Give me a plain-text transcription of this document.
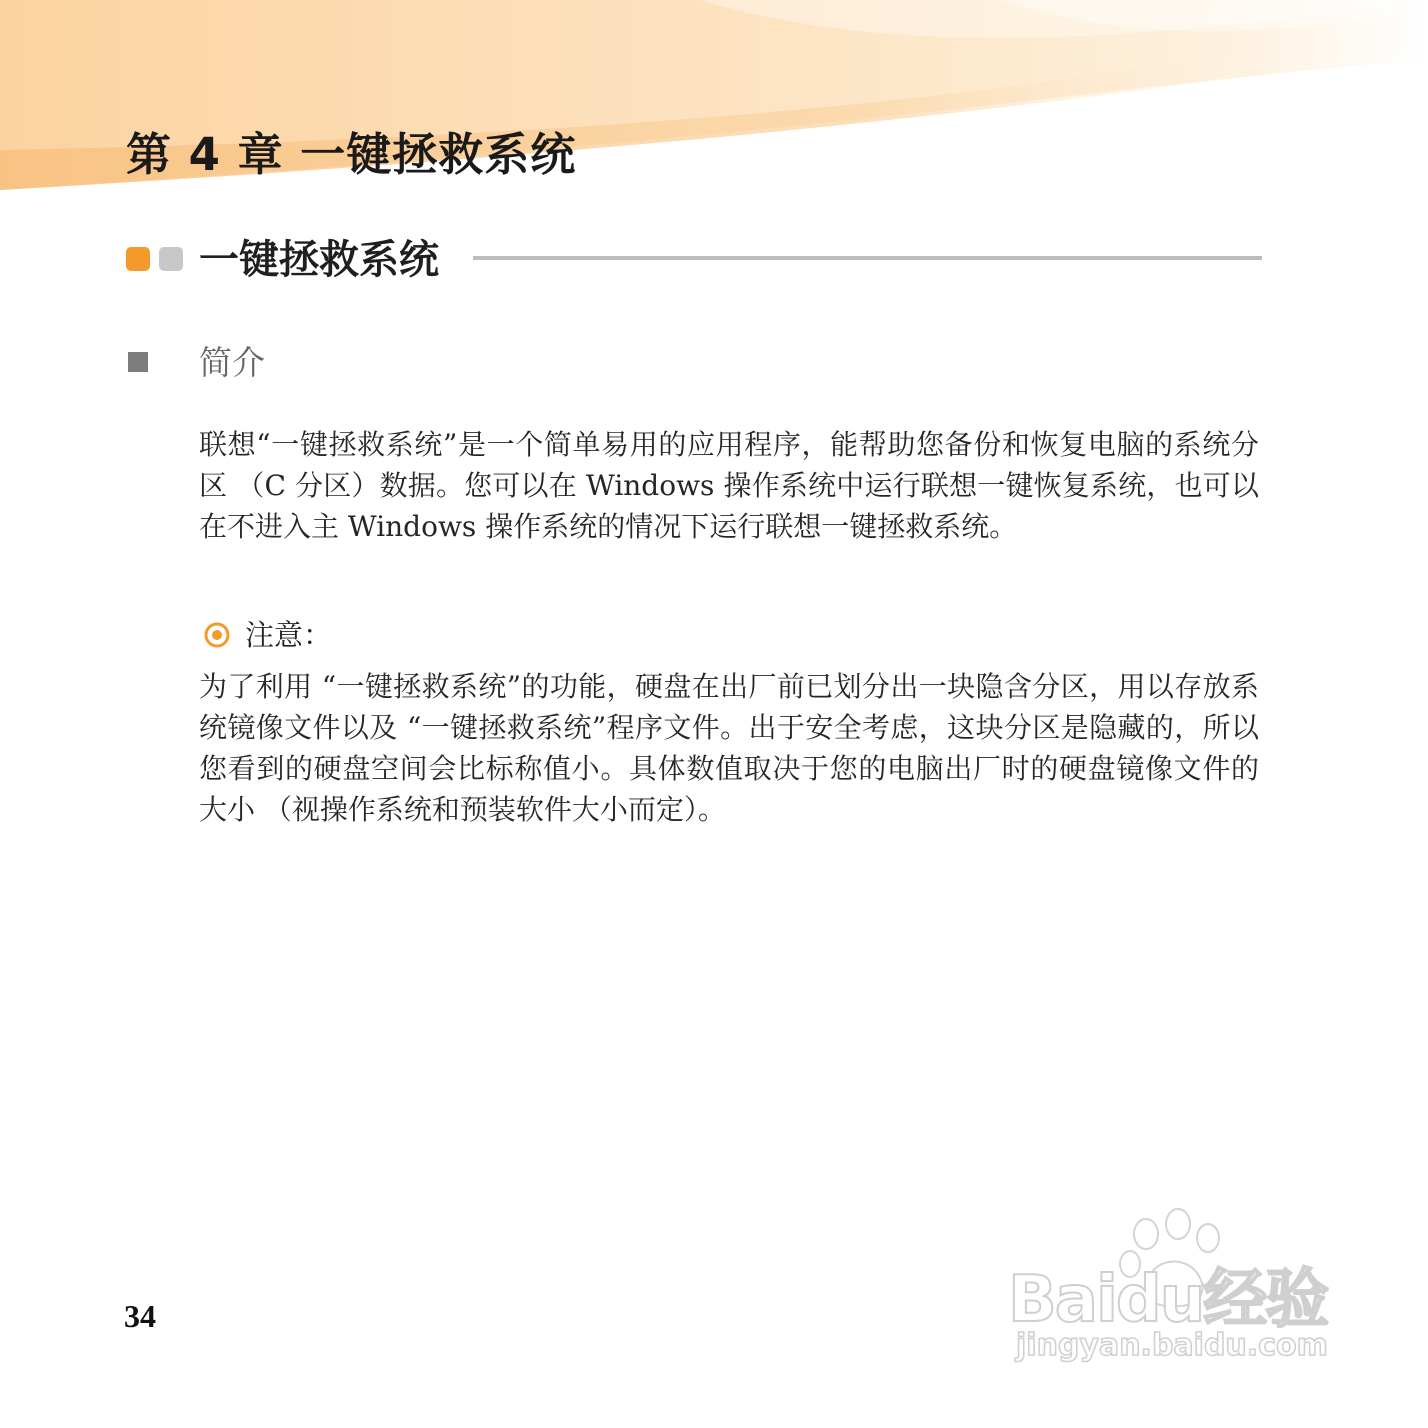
第 4 章 一键拯救系统
一键拯救系统
简介

联想“一键拯救系统”是一个简单易用的应用程序，能帮助您备份和恢复电脑的系统分区 （C 分区）数据。您可以在 Windows 操作系统中运行联想一键恢复系统，也可以在不进入主 Windows 操作系统的情况下运行联想一键拯救系统。

注意：

为了利用 “一键拯救系统”的功能，硬盘在出厂前已划分出一块隐含分区，用以存放系统镜像文件以及 “一键拯救系统”程序文件。出于安全考虑，这块分区是隐藏的，所以您看到的硬盘空间会比标称值小。具体数值取决于您的电脑出厂时的硬盘镜像文件的大小 （视操作系统和预装软件大小而定）。

34	Baidu经验
jingyan.baidu.com
